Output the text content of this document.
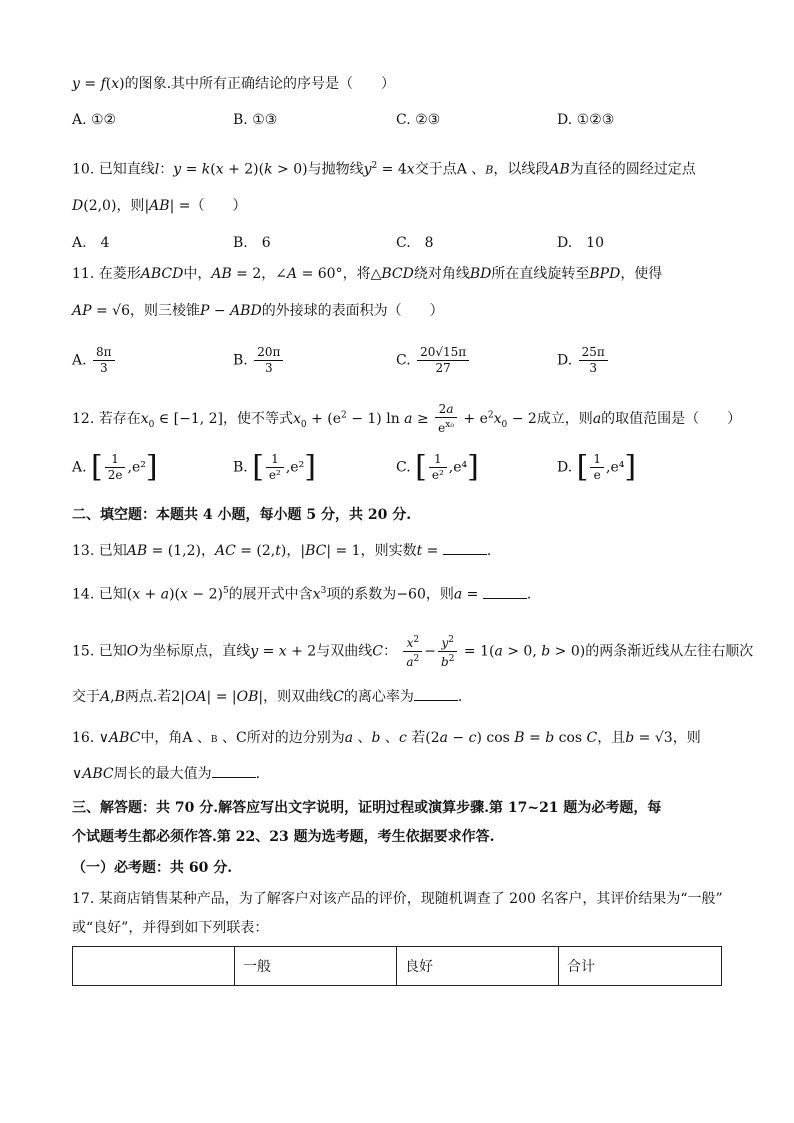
y = f(x)的图象.其中所有正确结论的序号是（　　）
A. ①②	B. ①③	C. ②③	D. ①②③
10. 已知直线l：y = k(x + 2)(k > 0)与抛物线$y^2 = 4x$交于点A 、B，以线段AB为直径的圆经过定点
D(2,0)，则|AB| =（　　）
A.　4	B.　6	C.　8	D.　10
11. 在菱形ABCD中，AB = 2，∠A = 60°，将△BCD绕对角线BD所在直线旋转至BPD，使得
AP = √6，则三棱锥P − ABD的外接球的表面积为（　　）
A. $\frac{8\pi}{3}$	B. $\frac{20\pi}{3}$	C. $\frac{20√15\pi}{27}$	D. $\frac{25\pi}{3}$
12. 若存在$x_0$ ∈ [−1, 2]，使不等式$x_0 + (e^2 - 1)$ $\ln a \ge \frac{2a}{e^{x_0}} + e^2x_0 - 2$成立，则a的取值范围是（　　）
A. [ $\frac{1}{2e} ,e^2$]	B. [ $\frac{1}{\text{e²}} ,e^2$]	C. [ $\frac{1}{\text{e²}} ,e^4$]	D. [ $\frac{1}{e} ,e^4$]
二、填空题：本题共 4 小题，每小题 5 分，共 20 分.
13. 已知AB = (1,2)，AC = (2,t)，|BC| = 1，则实数t =	.
14. 已知$(x + a)(x - 2)^5$的展开式中含$x^3$项的系数为−60，则a =	.
15. 已知O为坐标原点，直线y = x + 2与双曲线C： $\frac{x^2}{a^2} - \frac{y^2}{b^2} = 1(a > 0$, b > 0)的两条渐近线从左往右顺次
交于A,B两点.若2|OA| = |OB|，则双曲线C的离心率为	.
16. ∨ABC中，角A 、B 、C所对的边分别为a 、b 、c 若(2a − c) cos B = b cos C，且b = √3，则
∨ABC周长的最大值为	.
三、解答题：共 70 分.解答应写出文字说明，证明过程或演算步骤.第 17~21 题为必考题，每
个试题考生都必须作答.第 22、23 题为选考题，考生依据要求作答.
（一）必考题：共 60 分.
17. 某商店销售某种产品，为了解客户对该产品的评价，现随机调查了 200 名客户，其评价结果为“一般”
或“良好”，并得到如下列联表：
	一般	良好	合计
